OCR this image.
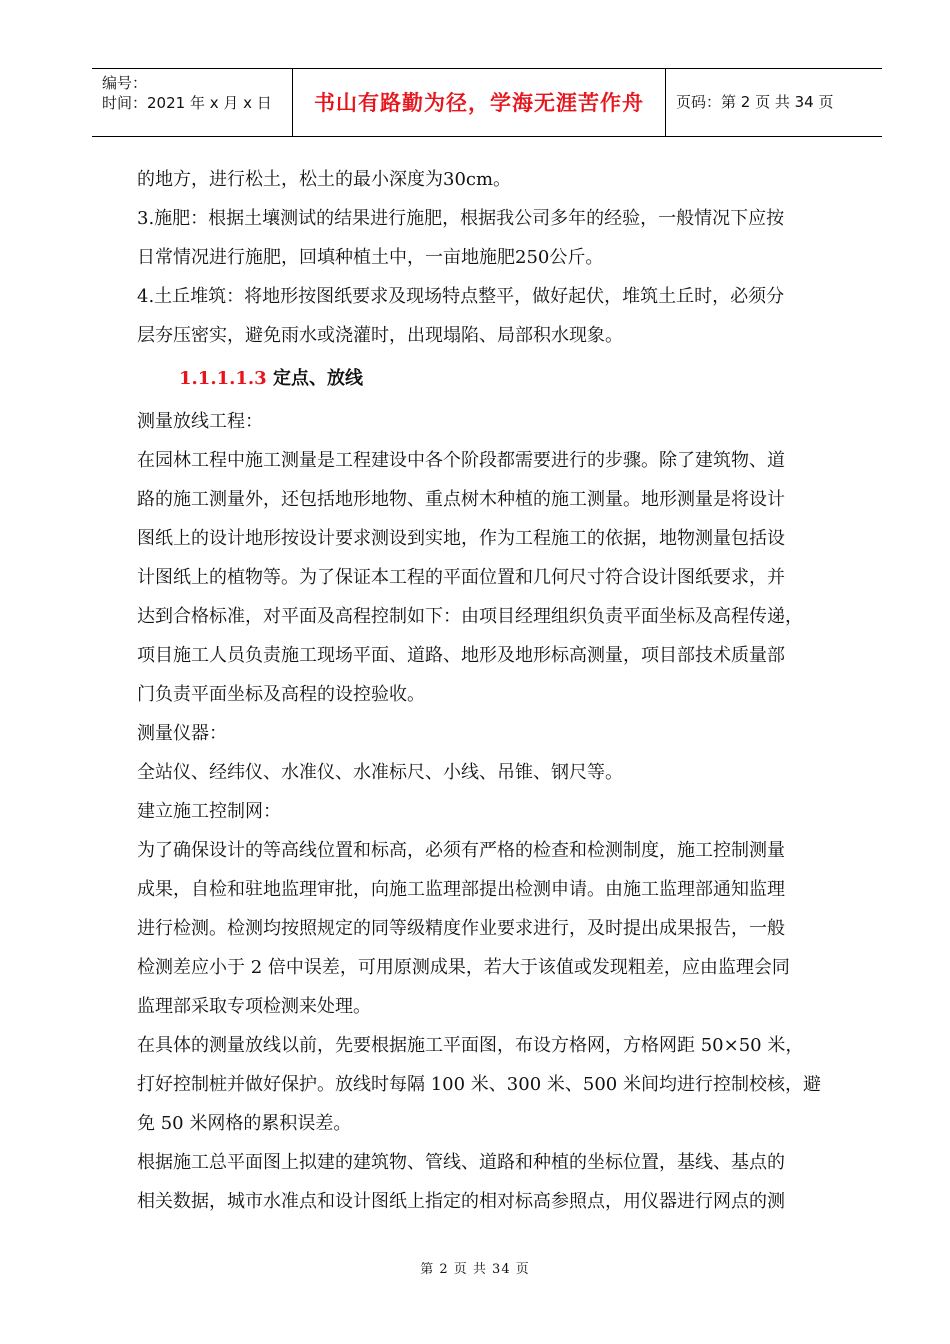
编号：
时间：2021 年 x 月 x 日	书山有路勤为径，学海无涯苦作舟	页码：第 2 页 共 34 页
的地方，进行松土，松土的最小深度为30cm。
3.施肥：根据土壤测试的结果进行施肥，根据我公司多年的经验，一般情况下应按
日常情况进行施肥，回填种植土中，一亩地施肥250公斤。
4.土丘堆筑：将地形按图纸要求及现场特点整平，做好起伏，堆筑土丘时，必须分
层夯压密实，避免雨水或浇灌时，出现塌陷、局部积水现象。
1.1.1.1.3 定点、放线
测量放线工程：
在园林工程中施工测量是工程建设中各个阶段都需要进行的步骤。除了建筑物、道
路的施工测量外，还包括地形地物、重点树木种植的施工测量。地形测量是将设计
图纸上的设计地形按设计要求测设到实地，作为工程施工的依据，地物测量包括设
计图纸上的植物等。为了保证本工程的平面位置和几何尺寸符合设计图纸要求，并
达到合格标准，对平面及高程控制如下：由项目经理组织负责平面坐标及高程传递，
项目施工人员负责施工现场平面、道路、地形及地形标高测量，项目部技术质量部
门负责平面坐标及高程的设控验收。
测量仪器：
全站仪、经纬仪、水准仪、水准标尺、小线、吊锥、钢尺等。
建立施工控制网：
为了确保设计的等高线位置和标高，必须有严格的检查和检测制度，施工控制测量
成果，自检和驻地监理审批，向施工监理部提出检测申请。由施工监理部通知监理
进行检测。检测均按照规定的同等级精度作业要求进行，及时提出成果报告，一般
检测差应小于 2 倍中误差，可用原测成果，若大于该值或发现粗差，应由监理会同
监理部采取专项检测来处理。
在具体的测量放线以前，先要根据施工平面图，布设方格网，方格网距 50×50 米，
打好控制桩并做好保护。放线时每隔 100 米、300 米、500 米间均进行控制校核，避
免 50 米网格的累积误差。
根据施工总平面图上拟建的建筑物、管线、道路和种植的坐标位置，基线、基点的
相关数据，城市水准点和设计图纸上指定的相对标高参照点，用仪器进行网点的测
第 2 页 共 34 页
